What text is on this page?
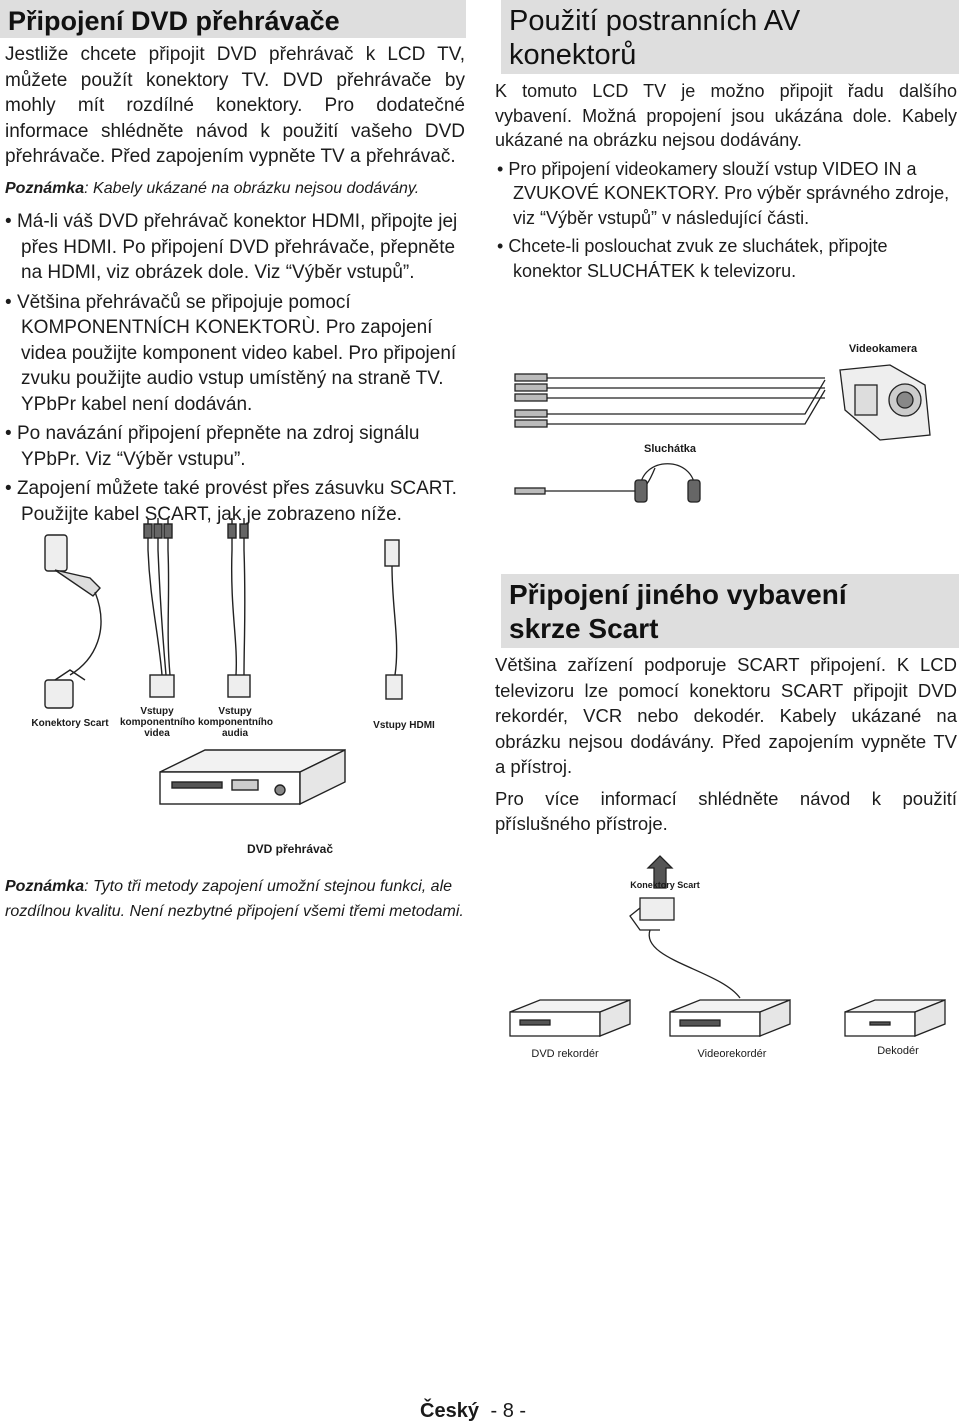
Připojení DVD přehrávače

Jestliže chcete připojit DVD přehrávač k LCD TV, můžete použít konektory TV. DVD přehrávače by mohly mít rozdílné konektory. Pro dodatečné informace shlédněte návod k použití vašeho DVD přehrávače. Před zapojením vypněte TV a přehrávač.

Poznámka: Kabely ukázané na obrázku nejsou dodávány.

• Má-li váš DVD přehrávač konektor HDMI, připojte jej přes HDMI. Po připojení DVD přehrávače, přepněte na HDMI, viz obrázek dole. Viz “Výběr vstupů”.

• Většina přehrávačů se připojuje pomocí KOMPONENTNÍCH KONEKTORÙ. Pro zapojení videa použijte komponent video kabel. Pro připojení zvuku použijte audio vstup umístěný na straně TV. YPbPr kabel není dodáván.

• Po navázání připojení přepněte na zdroj signálu YPbPr. Viz “Výběr vstupu”.

• Zapojení můžete také provést přes zásuvku SCART. Použijte kabel SCART, jak je zobrazeno níže.

Konektory Scart
Vstupy komponentního videa
Vstupy komponentního audia
Vstupy HDMI
DVD přehrávač
Poznámka: Tyto tři metody zapojení umožní stejnou funkci, ale rozdílnou kvalitu. Není nezbytné připojení všemi třemi metodami.
Použití postranních AV konektorů

K tomuto LCD TV je možno připojit řadu dalšího vybavení. Možná propojení jsou ukázána dole. Kabely ukázané na obrázku nejsou dodávány.

• Pro připojení videokamery slouží vstup VIDEO IN a ZVUKOVÉ KONEKTORY. Pro výběr správného zdroje, viz “Výběr vstupů” v následující části.

• Chcete-li poslouchat zvuk ze sluchátek, připojte konektor SLUCHÁTEK k televizoru.

Videokamera
Sluchátka
Připojení jiného vybavení skrze Scart

Většina zařízení podporuje SCART připojení. K LCD televizoru lze pomocí konektoru SCART připojit DVD rekordér, VCR nebo dekodér. Kabely ukázané na obrázku nejsou dodávány. Před zapojením vypněte TV a přístroj.

Pro více informací shlédněte návod k použití příslušného přístroje.

Konektory Scart
DVD rekordér	Videorekordér	Dekodér
Český - 8 -
